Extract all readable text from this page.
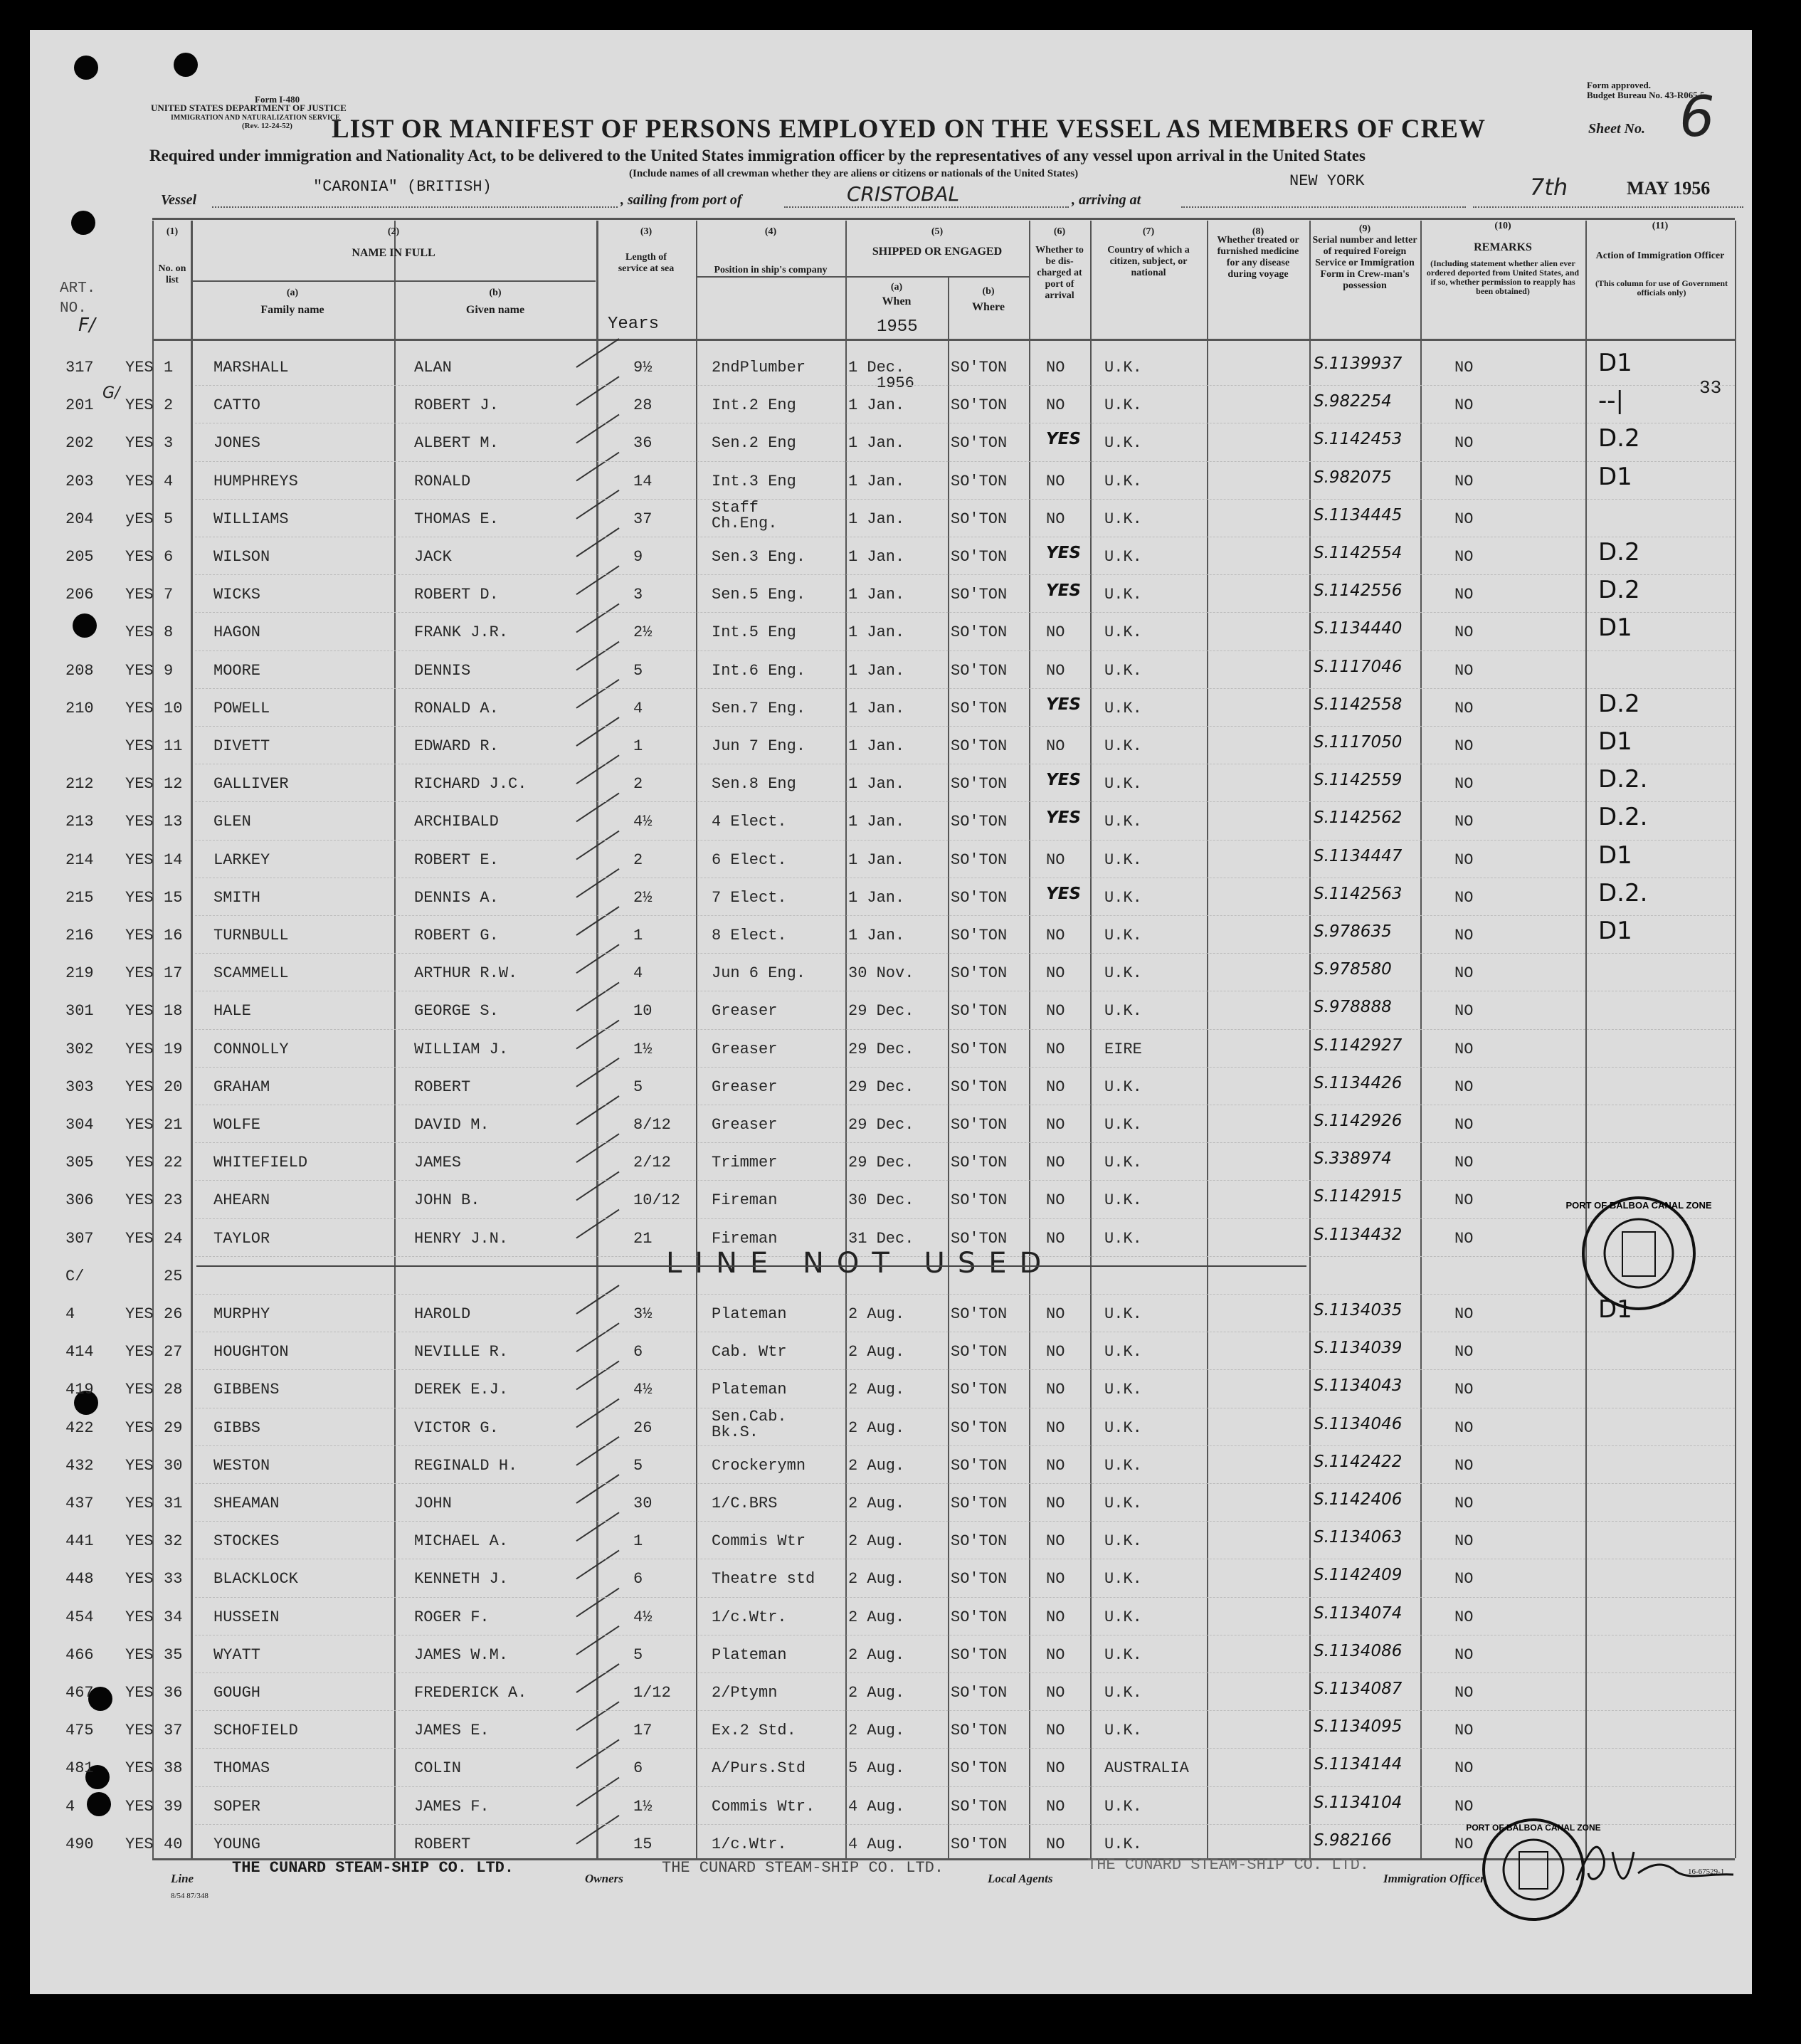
Form I-480
UNITED STATES DEPARTMENT OF JUSTICE
IMMIGRATION AND NATURALIZATION SERVICE
(Rev. 12-24-52)
Form approved.
Budget Bureau No. 43-R065.5.
LIST OR MANIFEST OF PERSONS EMPLOYED ON THE VESSEL AS MEMBERS OF CREW	Sheet No. 6
Required under immigration and Nationality Act, to be delivered to the United States immigration officer by the representatives of any vessel upon arrival in the United States
(Include names of all crewman whether they are aliens or citizens or nationals of the United States)
Vessel
"CARONIA" (BRITISH)
, sailing from port of	CRISTOBAL	, arriving at
NEW YORK	7th	MAY 1956
(1)
No. on list
ART. NO.
(2)
NAME IN FULL
(a)
Family name
(b)
Given name
(3)
Length of service at sea
Years
(4)
Position in ship's company
(5)
SHIPPED OR ENGAGED
(a)
When
1955
(b)
Where
(6)
Whether to be dis-charged at port of arrival
(7)
Country of which a citizen, subject, or national
(8)
Whether treated or furnished medicine for any disease during voyage
(9)
Serial number and letter of required Foreign Service or Immigration Form in Crew-man's possession
(10)
REMARKS
(Including statement whether alien ever ordered deported from United States, and if so, whether permission to reapply has been obtained)
(11)
Action of Immigration Officer
(This column for use of Government officials only)
F/
G/
1956	33
317 YES 1	MARSHALL	ALAN	9½	2ndPlumber	1 Dec.	SO'TON NO	U.K.	S.1139937	NO	D1
201 YES 2	CATTO	ROBERT J.	28	Int.2 Eng	1 Jan.	SO'TON NO	U.K.	S.982254	NO	--|
202 YES 3	JONES	ALBERT M.	36	Sen.2 Eng	1 Jan.	SO'TON YES U.K.	S.1142453	NO	D.2
203 YES 4	HUMPHREYS	RONALD	14	Int.3 Eng	1 Jan.	SO'TON NO	U.K.	S.982075	NO	D1
204 yES 5	WILLIAMS	THOMAS E.	37
Staff Ch.Eng.	1 Jan.	SO'TON NO	U.K.	S.1134445	NO
205 YES 6	WILSON	JACK	9	Sen.3 Eng.	1 Jan.	SO'TON YES U.K.	S.1142554	NO	D.2
206 YES 7	WICKS	ROBERT D.	3	Sen.5 Eng.	1 Jan.	SO'TON YES U.K.	S.1142556	NO	D.2
YES 8	HAGON	FRANK J.R.	2½	Int.5 Eng	1 Jan.	SO'TON NO	U.K.	S.1134440	NO	D1
208 YES 9	MOORE	DENNIS	5	Int.6 Eng.	1 Jan.	SO'TON NO	U.K.	S.1117046	NO
210 YES 10 POWELL	RONALD A.	4	Sen.7 Eng.	1 Jan.	SO'TON YES U.K.	S.1142558	NO	D.2
YES 11 DIVETT	EDWARD R.	1	Jun 7 Eng.	1 Jan.	SO'TON NO	U.K.	S.1117050	NO	D1
212 YES 12 GALLIVER	RICHARD J.C.	2	Sen.8 Eng	1 Jan.	SO'TON YES U.K.	S.1142559	NO	D.2.
213 YES 13 GLEN	ARCHIBALD	4½	4 Elect.	1 Jan.	SO'TON YES U.K.	S.1142562	NO	D.2.
214 YES 14 LARKEY	ROBERT E.	2	6 Elect.	1 Jan.	SO'TON NO	U.K.	S.1134447	NO	D1
215 YES 15 SMITH	DENNIS A.	2½	7 Elect.	1 Jan.	SO'TON YES U.K.	S.1142563	NO	D.2.
216 YES 16 TURNBULL	ROBERT G.	1	8 Elect.	1 Jan.	SO'TON NO	U.K.	S.978635	NO	D1
219 YES 17 SCAMMELL	ARTHUR R.W.	4	Jun 6 Eng.	30 Nov. SO'TON NO	U.K.	S.978580	NO
301 YES 18 HALE	GEORGE S.	10	Greaser	29 Dec. SO'TON NO	U.K.	S.978888	NO
302 YES 19 CONNOLLY	WILLIAM J.	1½	Greaser	29 Dec. SO'TON NO	EIRE	S.1142927	NO
303 YES 20 GRAHAM	ROBERT	5	Greaser	29 Dec. SO'TON NO	U.K.	S.1134426	NO
304 YES 21 WOLFE	DAVID M.	8/12	Greaser	29 Dec. SO'TON NO	U.K.	S.1142926	NO
305 YES 22 WHITEFIELD	JAMES	2/12	Trimmer	29 Dec. SO'TON NO	U.K.	S.338974	NO
306 YES 23 AHEARN	JOHN B.	10/12 Fireman	30 Dec. SO'TON NO	U.K.	S.1142915	NO
307 YES 24 TAYLOR	HENRY J.N.	21	Fireman	31 Dec. SO'TON NO	U.K.	S.1134432	NO
C/	25
4	YES 26 MURPHY	HAROLD	3½	Plateman	2 Aug.	SO'TON NO	U.K.	S.1134035	NO	D1
414 YES 27 HOUGHTON	NEVILLE R.	6	Cab. Wtr	2 Aug.	SO'TON NO	U.K.	S.1134039	NO
419 YES 28 GIBBENS	DEREK E.J.	4½	Plateman	2 Aug.	SO'TON NO	U.K.	S.1134043	NO
422 YES 29 GIBBS	VICTOR G.	26
Sen.Cab. Bk.S.	2 Aug.	SO'TON NO	U.K.	S.1134046	NO
432 YES 30 WESTON	REGINALD H.	5	Crockerymn	2 Aug.	SO'TON NO	U.K.	S.1142422	NO
437 YES 31 SHEAMAN	JOHN	30	1/C.BRS	2 Aug.	SO'TON NO	U.K.	S.1142406	NO
441 YES 32 STOCKES	MICHAEL A.	1	Commis Wtr	2 Aug.	SO'TON NO	U.K.	S.1134063	NO
448 YES 33 BLACKLOCK	KENNETH J.	6	Theatre std 2 Aug.	SO'TON NO	U.K.	S.1142409	NO
454 YES 34 HUSSEIN	ROGER F.	4½	1/c.Wtr.	2 Aug.	SO'TON NO	U.K.	S.1134074	NO
466 YES 35 WYATT	JAMES W.M.	5	Plateman	2 Aug.	SO'TON NO	U.K.	S.1134086	NO
467 YES 36 GOUGH	FREDERICK A.	1/12	2/Ptymn	2 Aug.	SO'TON NO	U.K.	S.1134087	NO
475 YES 37 SCHOFIELD	JAMES E.	17	Ex.2 Std.	2 Aug.	SO'TON NO	U.K.	S.1134095	NO
481 YES 38 THOMAS	COLIN	6	A/Purs.Std	5 Aug.	SO'TON NO	AUSTRALIA	S.1134144	NO
4	YES 39 SOPER	JAMES F.	1½	Commis Wtr. 4 Aug.	SO'TON NO	U.K.	S.1134104	NO
490 YES 40 YOUNG	ROBERT	15	1/c.Wtr.	4 Aug.	SO'TON NO	U.K.	S.982166	NO
LINE NOT USED
PORT OF BALBOA CANAL ZONE
PORT OF BALBOA CANAL ZONE
Line
THE CUNARD STEAM-SHIP CO. LTD.
Owners
THE CUNARD STEAM-SHIP CO. LTD.
Local Agents
THE CUNARD STEAM-SHIP CO. LTD.
Immigration Officer
8/54 87/348
16-67529-1
